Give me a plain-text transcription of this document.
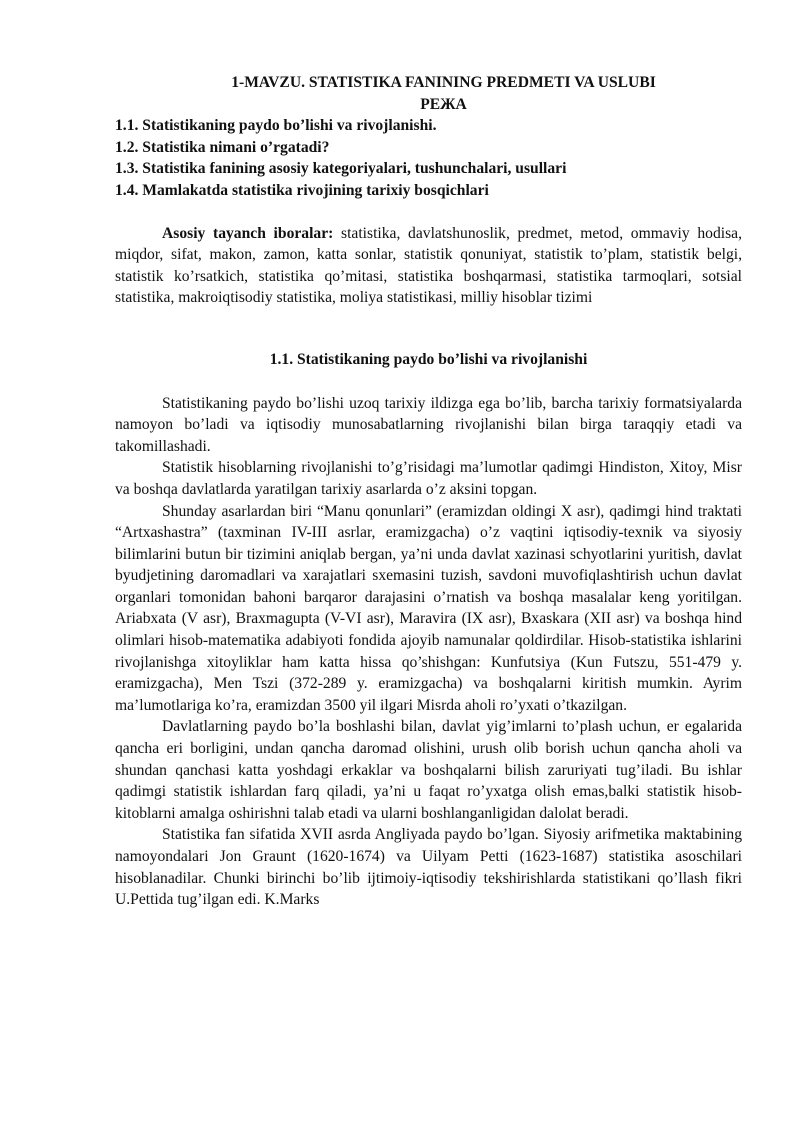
1-MAVZU. STATISTIKA FANINING PREDMETI VA USLUBI

РЕЖА

1.1. Statistikaning paydo bo’lishi va rivojlanishi.
1.2. Statistika nimani o’rgatadi?
1.3. Statistika fanining asosiy kategoriyalari, tushunchalari, usullari
1.4. Mamlakatda statistika rivojining tarixiy bosqichlari

Asosiy tayanch iboralar: statistika, davlatshunoslik, predmet, metod, ommaviy hodisa, miqdor, sifat, makon, zamon, katta sonlar, statistik qonuniyat, statistik to’plam, statistik belgi, statistik ko’rsatkich, statistika qo’mitasi, statistika boshqarmasi, statistika tarmoqlari, sotsial statistika, makroiqtisodiy statistika, moliya statistikasi, milliy hisoblar tizimi

1.1. Statistikaning paydo bo’lishi va rivojlanishi

Statistikaning paydo bo’lishi uzoq tarixiy ildizga ega bo’lib, barcha tarixiy formatsiyalarda namoyon bo’ladi va iqtisodiy munosabatlarning rivojlanishi bilan birga taraqqiy etadi va takomillashadi.

Statistik hisoblarning rivojlanishi to’g’risidagi ma’lumotlar qadimgi Hindiston, Xitoy, Misr va boshqa davlatlarda yaratilgan tarixiy asarlarda o’z aksini topgan.

Shunday asarlardan biri “Manu qonunlari” (eramizdan oldingi X asr), qadimgi hind traktati “Artxashastra” (taxminan IV-III asrlar, eramizgacha) o’z vaqtini iqtisodiy-texnik va siyosiy bilimlarini butun bir tizimini aniqlab bergan, ya’ni unda davlat xazinasi schyotlarini yuritish, davlat byudjetining daromadlari va xarajatlari sxemasini tuzish, savdoni muvofiqlashtirish uchun davlat organlari tomonidan bahoni barqaror darajasini o’rnatish va boshqa masalalar keng yoritilgan. Ariabxata (V asr), Braxmagupta (V-VI asr), Maravira (IX asr), Bxaskara (XII asr) va boshqa hind olimlari hisob-matematika adabiyoti fondida ajoyib namunalar qoldirdilar. Hisob-statistika ishlarini rivojlanishga xitoyliklar ham katta hissa qo’shishgan: Kunfutsiya (Kun Futszu, 551-479 y. eramizgacha), Men Tszi (372-289 y. eramizgacha) va boshqalarni kiritish mumkin. Ayrim ma’lumotlariga ko’ra, eramizdan 3500 yil ilgari Misrda aholi ro’yxati o’tkazilgan.

Davlatlarning paydo bo’la boshlashi bilan, davlat yig’imlarni to’plash uchun, er egalarida qancha eri borligini, undan qancha daromad olishini, urush olib borish uchun qancha aholi va shundan qanchasi katta yoshdagi erkaklar va boshqalarni bilish zaruriyati tug’iladi. Bu ishlar qadimgi statistik ishlardan farq qiladi, ya’ni u faqat ro’yxatga olish emas,balki statistik hisob-kitoblarni amalga oshirishni talab etadi va ularni boshlanganligidan dalolat beradi.

Statistika fan sifatida XVII asrda Angliyada paydo bo’lgan. Siyosiy arifmetika maktabining namoyondalari Jon Graunt (1620-1674) va Uilyam Petti (1623-1687) statistika asoschilari hisoblanadilar. Chunki birinchi bo’lib ijtimoiy-iqtisodiy tekshirishlarda statistikani qo’llash fikri U.Pettida tug’ilgan edi. K.Marks
